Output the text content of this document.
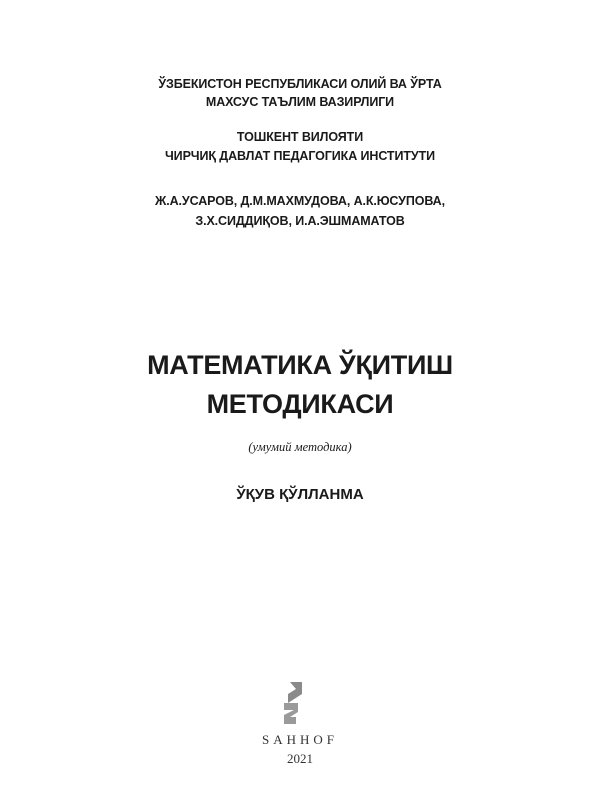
ЎЗБЕКИСТОН РЕСПУБЛИКАСИ ОЛИЙ ВА ЎРТА
МАХСУС ТАЪЛИМ ВАЗИРЛИГИ
ТОШКЕНТ ВИЛОЯТИ
ЧИРЧИҚ ДАВЛАТ ПЕДАГОГИКА ИНСТИТУТИ
Ж.А.УСАРОВ, Д.М.МАХМУДОВА, А.К.ЮСУПОВА,
З.Х.СИДДИҚОВ, И.А.ЭШМАМАТОВ
МАТЕМАТИКА ЎҚИТИШ
МЕТОДИКАСИ
(умумий методика)
ЎҚУВ ҚЎЛЛАНМА
SAHHOF
2021
